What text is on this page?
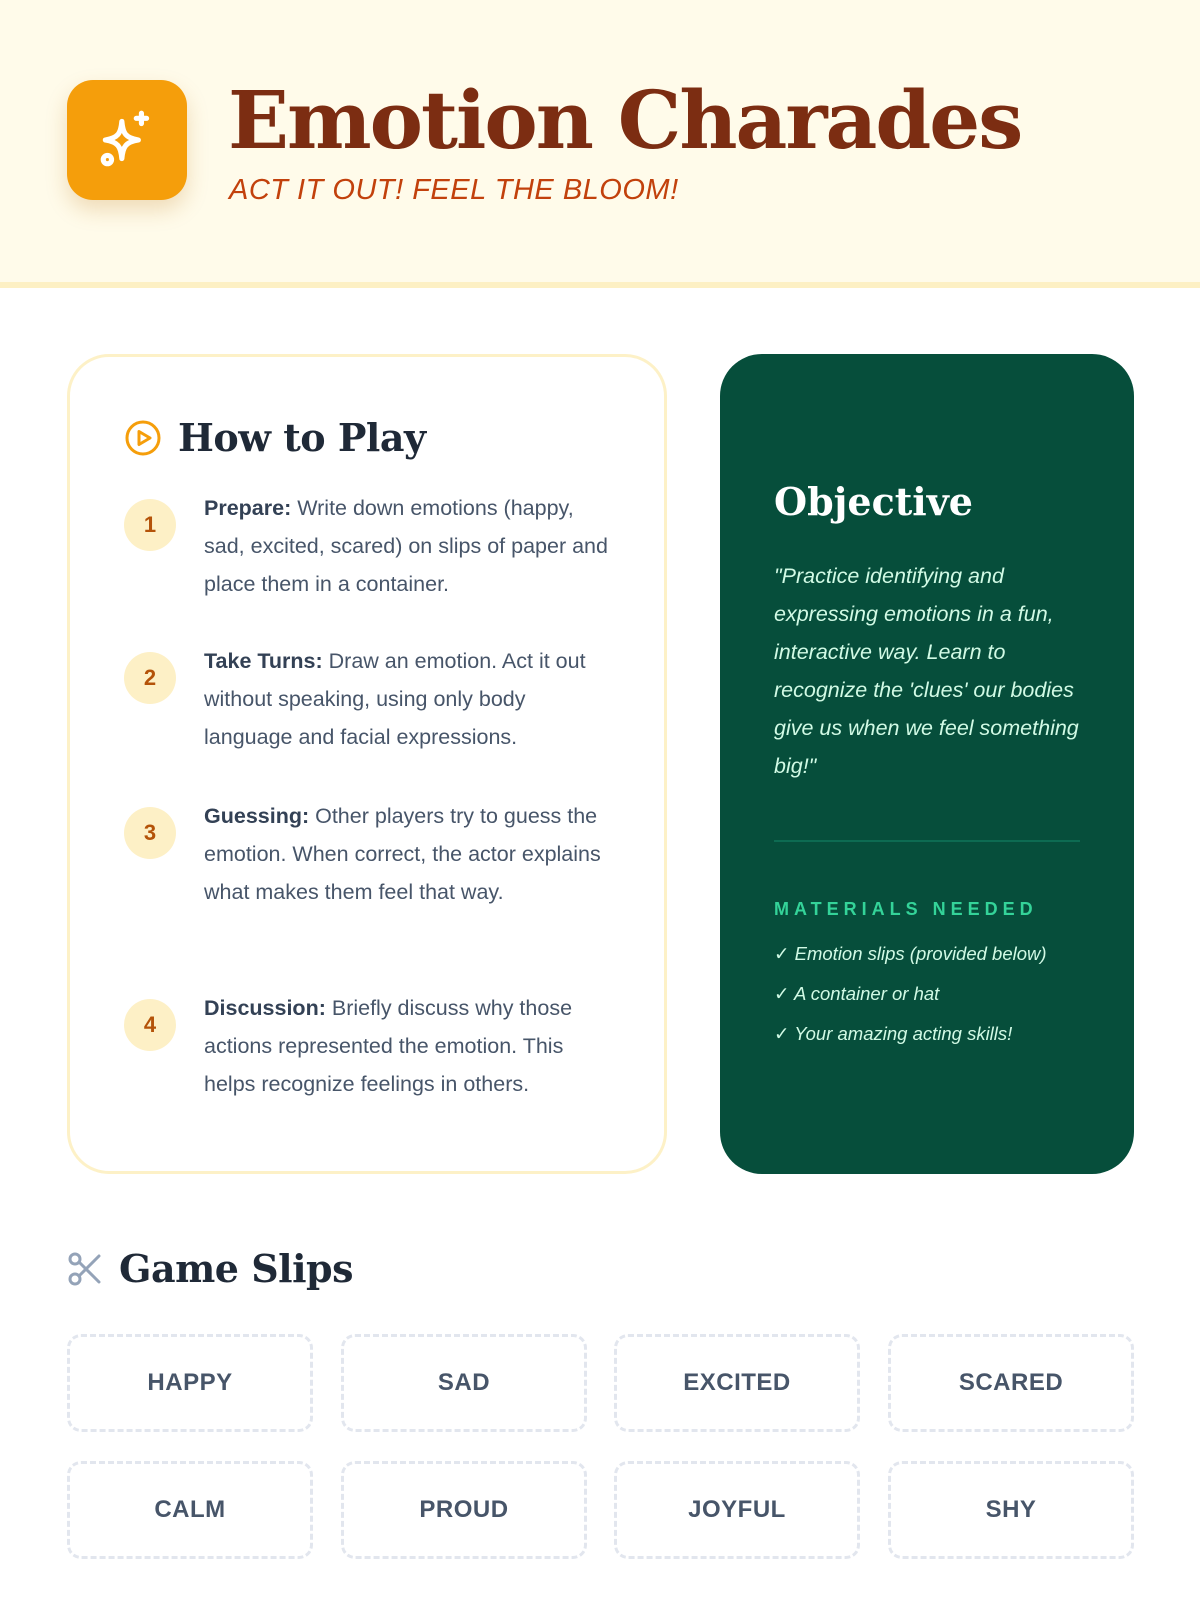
Emotion Charades
ACT IT OUT! FEEL THE BLOOM!
How to Play
1
Prepare: Write down emotions (happy, sad, excited, scared) on slips of paper and place them in a container.
2
Take Turns: Draw an emotion. Act it out without speaking, using only body language and facial expressions.
3
Guessing: Other players try to guess the emotion. When correct, the actor explains what makes them feel that way.
4
Discussion: Briefly discuss why those actions represented the emotion. This helps recognize feelings in others.
Objective
"Practice identifying and expressing emotions in a fun, interactive way. Learn to recognize the 'clues' our bodies give us when we feel something big!"
MATERIALS NEEDED
✓ Emotion slips (provided below)
✓ A container or hat
✓ Your amazing acting skills!
Game Slips
HAPPY	SAD	EXCITED	SCARED
CALM	PROUD	JOYFUL	SHY
